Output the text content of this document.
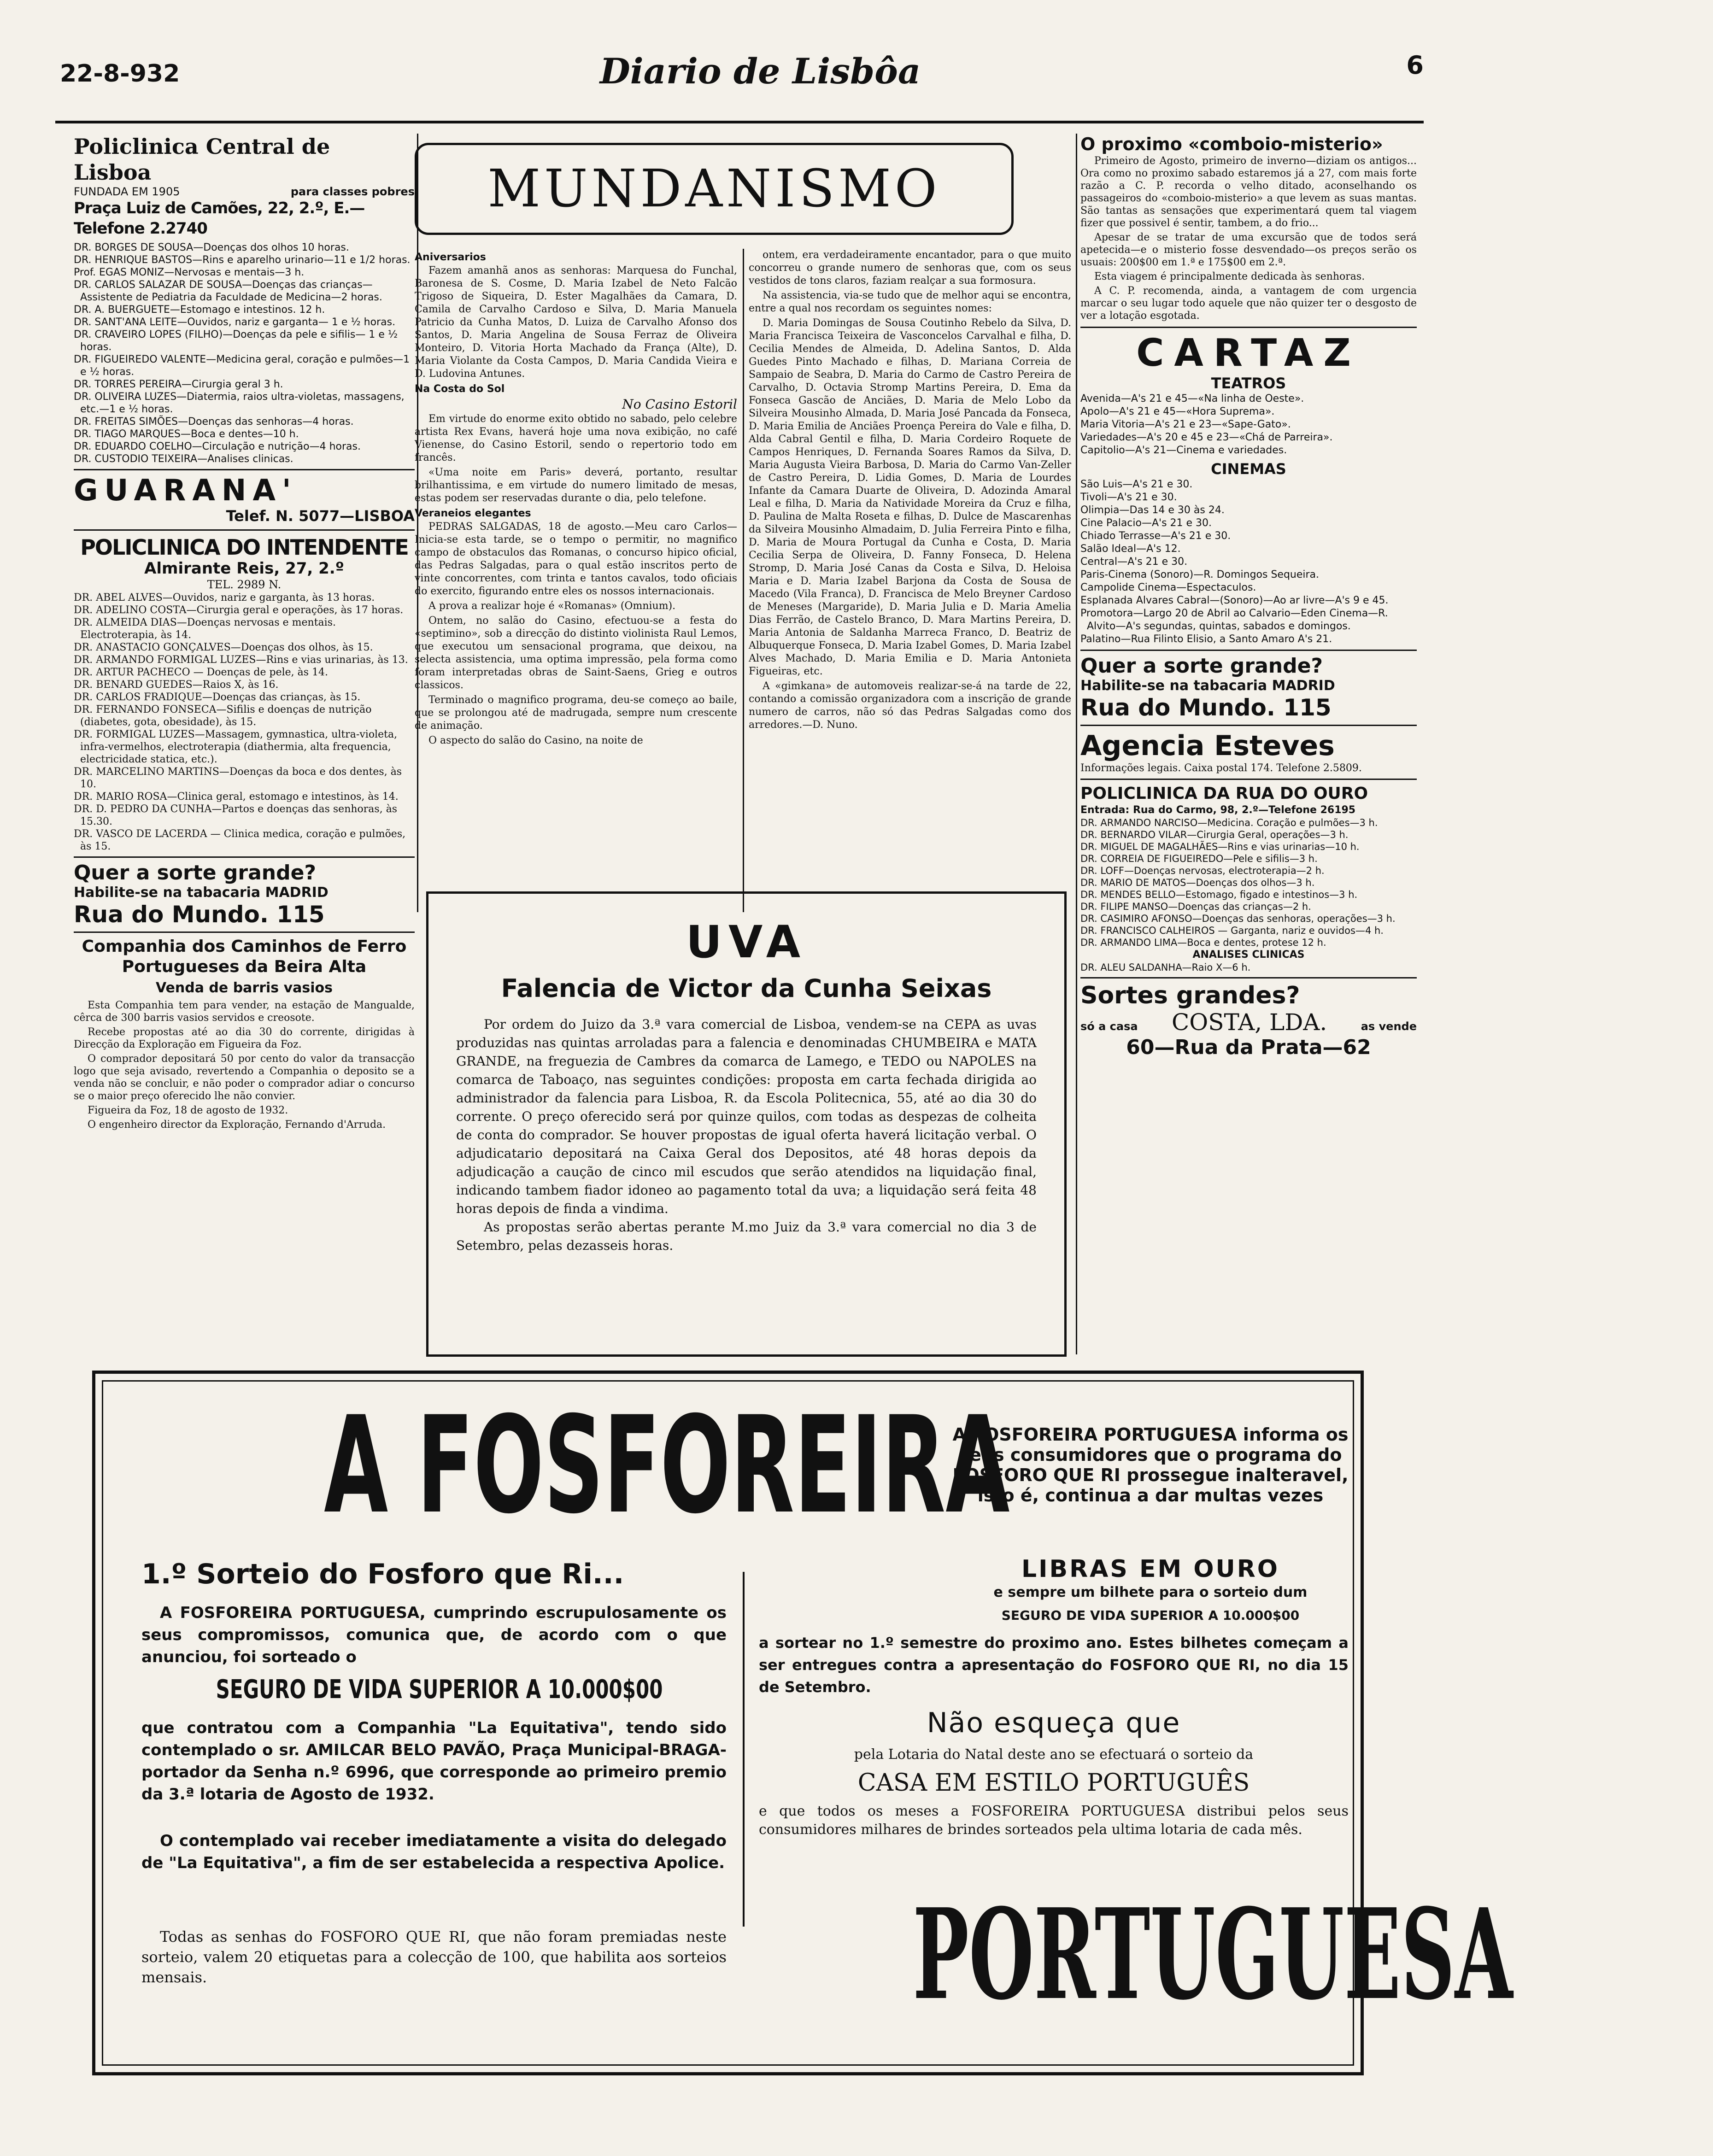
22-8-932	Diario de Lisbôa	6
Policlinica Central de Lisboa
FUNDADA EM 1905	para classes pobres
Praça Luiz de Camões, 22, 2.º, E.—Telefone 2.2740
DR. BORGES DE SOUSA—Doenças dos olhos 10 horas.
DR. HENRIQUE BASTOS—Rins e aparelho urinario—11 e 1/2 horas.
Prof. EGAS MONIZ—Nervosas e mentais—3 h.
DR. CARLOS SALAZAR DE SOUSA—Doenças das crianças—Assistente de Pediatria da Faculdade de Medicina—2 horas.
DR. A. BUERGUETE—Estomago e intestinos. 12 h.
DR. SANT'ANA LEITE—Ouvidos, nariz e garganta— 1 e ½ horas.
DR. CRAVEIRO LOPES (FILHO)—Doenças da pele e sifilis— 1 e ½ horas.
DR. FIGUEIREDO VALENTE—Medicina geral, coração e pulmões—1 e ½ horas.
DR. TORRES PEREIRA—Cirurgia geral 3 h.
DR. OLIVEIRA LUZES—Diatermia, raios ultra-violetas, massagens, etc.—1 e ½ horas.
DR. FREITAS SIMÕES—Doenças das senhoras—4 horas.
DR. TIAGO MARQUES—Boca e dentes—10 h.
DR. EDUARDO COELHO—Circulação e nutrição—4 horas.
DR. CUSTODIO TEIXEIRA—Analises clinicas.
GUARANA'
Telef. N. 5077—LISBOA
POLICLINICA DO INTENDENTE
Almirante Reis, 27, 2.º
TEL. 2989 N.
DR. ABEL ALVES—Ouvidos, nariz e garganta, às 13 horas.
DR. ADELINO COSTA—Cirurgia geral e operações, às 17 horas.
DR. ALMEIDA DIAS—Doenças nervosas e mentais. Electroterapia, às 14.
DR. ANASTACIO GONÇALVES—Doenças dos olhos, às 15.
DR. ARMANDO FORMIGAL LUZES—Rins e vias urinarias, às 13.
DR. ARTUR PACHECO — Doenças de pele, às 14.
DR. BENARD GUEDES—Raios X, às 16.
DR. CARLOS FRADIQUE—Doenças das crianças, às 15.
DR. FERNANDO FONSECA—Sifilis e doenças de nutrição (diabetes, gota, obesidade), às 15.
DR. FORMIGAL LUZES—Massagem, gymnastica, ultra-violeta, infra-vermelhos, electroterapia (diathermia, alta frequencia, electricidade statica, etc.).
DR. MARCELINO MARTINS—Doenças da boca e dos dentes, às 10.
DR. MARIO ROSA—Clinica geral, estomago e intestinos, às 14.
DR. D. PEDRO DA CUNHA—Partos e doenças das senhoras, às 15.30.
DR. VASCO DE LACERDA — Clinica medica, coração e pulmões, às 15.
Quer a sorte grande?
Habilite-se na tabacaria MADRID
Rua do Mundo. 115
Companhia dos Caminhos de Ferro Portugueses da Beira Alta
Venda de barris vasios

Esta Companhia tem para vender, na estação de Mangualde, cêrca de 300 barris vasios servidos e creosote.

Recebe propostas até ao dia 30 do corrente, dirigidas à Direcção da Exploração em Figueira da Foz.

O comprador depositará 50 por cento do valor da transacção logo que seja avisado, revertendo a Companhia o deposito se a venda não se concluir, e não poder o comprador adiar o concurso se o maior preço oferecido lhe não convier.

Figueira da Foz, 18 de agosto de 1932.

O engenheiro director da Exploração, Fernando d'Arruda.

MUNDANISMO
Aniversarios
Fazem amanhã anos as senhoras: Marquesa do Funchal, Baronesa de S. Cosme, D. Maria Izabel de Neto Falcão Trigoso de Siqueira, D. Ester Magalhães da Camara, D. Camila de Carvalho Cardoso e Silva, D. Maria Manuela Patricio da Cunha Matos, D. Luiza de Carvalho Afonso dos Santos, D. Maria Angelina de Sousa Ferraz de Oliveira Monteiro, D. Vitoria Horta Machado da França (Alte), D. Maria Violante da Costa Campos, D. Maria Candida Vieira e D. Ludovina Antunes.
Na Costa do Sol
No Casino Estoril
Em virtude do enorme exito obtido no sabado, pelo celebre artista Rex Evans, haverá hoje uma nova exibição, no café Vienense, do Casino Estoril, sendo o repertorio todo em francês.
«Uma noite em Paris» deverá, portanto, resultar brilhantissima, e em virtude do numero limitado de mesas, estas podem ser reservadas durante o dia, pelo telefone.
Veraneios elegantes
PEDRAS SALGADAS, 18 de agosto.—Meu caro Carlos—Inicia-se esta tarde, se o tempo o permitir, no magnifico campo de obstaculos das Romanas, o concurso hipico oficial, das Pedras Salgadas, para o qual estão inscritos perto de vinte concorrentes, com trinta e tantos cavalos, todo oficiais do exercito, figurando entre eles os nossos internacionais.
A prova a realizar hoje é «Romanas» (Omnium).
Ontem, no salão do Casino, efectuou-se a festa do «septimino», sob a direcção do distinto violinista Raul Lemos, que executou um sensacional programa, que deixou, na selecta assistencia, uma optima impressão, pela forma como foram interpretadas obras de Saint-Saens, Grieg e outros classicos.
Terminado o magnifico programa, deu-se começo ao baile, que se prolongou até de madrugada, sempre num crescente de animação.
O aspecto do salão do Casino, na noite de
ontem, era verdadeiramente encantador, para o que muito concorreu o grande numero de senhoras que, com os seus vestidos de tons claros, faziam realçar a sua formosura.
Na assistencia, via-se tudo que de melhor aqui se encontra, entre a qual nos recordam os seguintes nomes:
D. Maria Domingas de Sousa Coutinho Rebelo da Silva, D. Maria Francisca Teixeira de Vasconcelos Carvalhal e filha, D. Cecilia Mendes de Almeida, D. Adelina Santos, D. Alda Guedes Pinto Machado e filhas, D. Mariana Correia de Sampaio de Seabra, D. Maria do Carmo de Castro Pereira de Carvalho, D. Octavia Stromp Martins Pereira, D. Ema da Fonseca Gascão de Anciães, D. Maria de Melo Lobo da Silveira Mousinho Almada, D. Maria José Pancada da Fonseca, D. Maria Emilia de Anciães Proença Pereira do Vale e filha, D. Alda Cabral Gentil e filha, D. Maria Cordeiro Roquete de Campos Henriques, D. Fernanda Soares Ramos da Silva, D. Maria Augusta Vieira Barbosa, D. Maria do Carmo Van-Zeller de Castro Pereira, D. Lidia Gomes, D. Maria de Lourdes Infante da Camara Duarte de Oliveira, D. Adozinda Amaral Leal e filha, D. Maria da Natividade Moreira da Cruz e filha, D. Paulina de Malta Roseta e filhas, D. Dulce de Mascarenhas da Silveira Mousinho Almadaim, D. Julia Ferreira Pinto e filha, D. Maria de Moura Portugal da Cunha e Costa, D. Maria Cecilia Serpa de Oliveira, D. Fanny Fonseca, D. Helena Stromp, D. Maria José Canas da Costa e Silva, D. Heloisa Maria e D. Maria Izabel Barjona da Costa de Sousa de Macedo (Vila Franca), D. Francisca de Melo Breyner Cardoso de Meneses (Margaride), D. Maria Julia e D. Maria Amelia Dias Ferrão, de Castelo Branco, D. Mara Martins Pereira, D. Maria Antonia de Saldanha Marreca Franco, D. Beatriz de Albuquerque Fonseca, D. Maria Izabel Gomes, D. Maria Izabel Alves Machado, D. Maria Emilia e D. Maria Antonieta Figueiras, etc.
A «gimkana» de automoveis realizar-se-á na tarde de 22, contando a comissão organizadora com a inscrição de grande numero de carros, não só das Pedras Salgadas como dos arredores.—D. Nuno.
UVA
Falencia de Victor da Cunha Seixas
Por ordem do Juizo da 3.ª vara comercial de Lisboa, vendem-se na CEPA as uvas produzidas nas quintas arroladas para a falencia e denominadas CHUMBEIRA e MATA GRANDE, na freguezia de Cambres da comarca de Lamego, e TEDO ou NAPOLES na comarca de Taboaço, nas seguintes condições: proposta em carta fechada dirigida ao administrador da falencia para Lisboa, R. da Escola Politecnica, 55, até ao dia 30 do corrente. O preço oferecido será por quinze quilos, com todas as despezas de colheita de conta do comprador. Se houver propostas de igual oferta haverá licitação verbal. O adjudicatario depositará na Caixa Geral dos Depositos, até 48 horas depois da adjudicação a caução de cinco mil escudos que serão atendidos na liquidação final, indicando tambem fiador idoneo ao pagamento total da uva; a liquidação será feita 48 horas depois de finda a vindima.
As propostas serão abertas perante M.mo Juiz da 3.ª vara comercial no dia 3 de Setembro, pelas dezasseis horas.
O proximo «comboio-misterio»

Primeiro de Agosto, primeiro de inverno—diziam os antigos... Ora como no proximo sabado estaremos já a 27, com mais forte razão a C. P. recorda o velho ditado, aconselhando os passageiros do «comboio-misterio» a que levem as suas mantas. São tantas as sensações que experimentará quem tal viagem fizer que possivel é sentir, tambem, a do frio...

Apesar de se tratar de uma excursão que de todos será apetecida—e o misterio fosse desvendado—os preços serão os usuais: 200$00 em 1.ª e 175$00 em 2.ª.

Esta viagem é principalmente dedicada às senhoras.

A C. P. recomenda, ainda, a vantagem de com urgencia marcar o seu lugar todo aquele que não quizer ter o desgosto de ver a lotação esgotada.

CARTAZ
TEATROS
Avenida—A's 21 e 45—«Na linha de Oeste».
Apolo—A's 21 e 45—«Hora Suprema».
Maria Vitoria—A's 21 e 23—«Sape-Gato».
Variedades—A's 20 e 45 e 23—«Chá de Parreira».
Capitolio—A's 21—Cinema e variedades.
CINEMAS
São Luis—A's 21 e 30.
Tivoli—A's 21 e 30.
Olimpia—Das 14 e 30 às 24.
Cine Palacio—A's 21 e 30.
Chiado Terrasse—A's 21 e 30.
Salão Ideal—A's 12.
Central—A's 21 e 30.
Paris-Cinema (Sonoro)—R. Domingos Sequeira.
Campolide Cinema—Espectaculos.
Esplanada Alvares Cabral—(Sonoro)—Ao ar livre—A's 9 e 45.
Promotora—Largo 20 de Abril ao Calvario—Eden Cinema—R. Alvito—A's segundas, quintas, sabados e domingos.
Palatino—Rua Filinto Elisio, a Santo Amaro A's 21.
Quer a sorte grande?
Habilite-se na tabacaria MADRID
Rua do Mundo. 115
Agencia Esteves
Informações legais. Caixa postal 174. Telefone 2.5809.
POLICLINICA DA RUA DO OURO
Entrada: Rua do Carmo, 98, 2.º—Telefone 26195
DR. ARMANDO NARCISO—Medicina. Coração e pulmões—3 h.
DR. BERNARDO VILAR—Cirurgia Geral, operações—3 h.
DR. MIGUEL DE MAGALHÃES—Rins e vias urinarias—10 h.
DR. CORREIA DE FIGUEIREDO—Pele e sifilis—3 h.
DR. LOFF—Doenças nervosas, electroterapia—2 h.
DR. MARIO DE MATOS—Doenças dos olhos—3 h.
DR. MENDES BELLO—Estomago, figado e intestinos—3 h.
DR. FILIPE MANSO—Doenças das crianças—2 h.
DR. CASIMIRO AFONSO—Doenças das senhoras, operações—3 h.
DR. FRANCISCO CALHEIROS — Garganta, nariz e ouvidos—4 h.
DR. ARMANDO LIMA—Boca e dentes, protese 12 h.
ANALISES CLINICAS
DR. ALEU SALDANHA—Raio X—6 h.
Sortes grandes?
só a casa COSTA, LDA.	as vende
60—Rua da Prata—62
A FOSFOREIRA
A FOSFOREIRA PORTUGUESA informa os seus consumidores que o programa do FOSFORO QUE RI prossegue inalteravel, isto é, continua a dar multas vezes
LIBRAS EM OURO
e sempre um bilhete para o sorteio dum
SEGURO DE VIDA SUPERIOR A 10.000$00
1.º Sorteio do Fosforo que Ri...
A FOSFOREIRA PORTUGUESA, cumprindo escrupulosamente os seus compromissos, comunica que, de acordo com o que anunciou, foi sorteado o
SEGURO DE VIDA SUPERIOR A 10.000$00
que contratou com a Companhia "La Equitativa", tendo sido contemplado o sr. AMILCAR BELO PAVÃO, Praça Municipal-BRAGA-portador da Senha n.º 6996, que corresponde ao primeiro premio da 3.ª lotaria de Agosto de 1932.
O contemplado vai receber imediatamente a visita do delegado de "La Equitativa", a fim de ser estabelecida a respectiva Apolice.
Todas as senhas do FOSFORO QUE RI, que não foram premiadas neste sorteio, valem 20 etiquetas para a colecção de 100, que habilita aos sorteios mensais.
a sortear no 1.º semestre do proximo ano. Estes bilhetes começam a ser entregues contra a apresentação do FOSFORO QUE RI, no dia 15 de Setembro.
Não esqueça que
pela Lotaria do Natal deste ano se efectuará o sorteio da
CASA EM ESTILO PORTUGUÊS
e que todos os meses a FOSFOREIRA PORTUGUESA distribui pelos seus consumidores milhares de brindes sorteados pela ultima lotaria de cada mês.
PORTUGUESA
